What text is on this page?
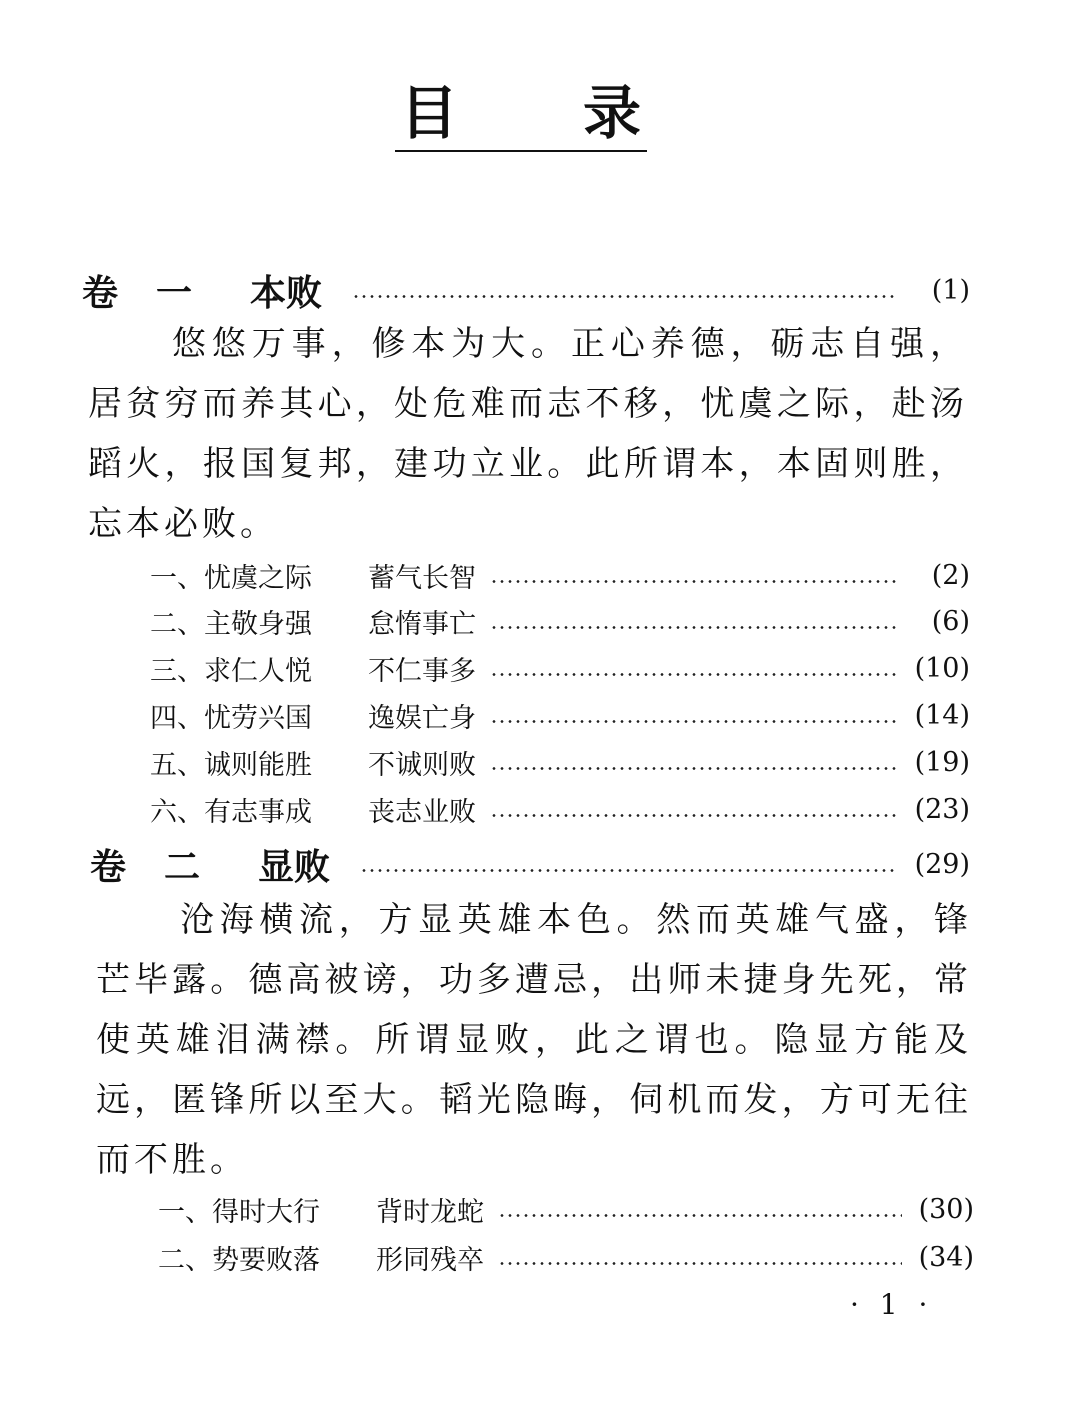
目 录
卷	一	本败	(1)
悠悠万事，修本为大。正心养德，砺志自强，居贫穷而养其心，处危难而志不移，忧虞之际，赴汤蹈火，报国复邦，建功立业。此所谓本，本固则胜，忘本必败。
一、忧虞之际	蓄气长智	(2)
二、主敬身强	怠惰事亡	(6)
三、求仁人悦	不仁事多	(10)
四、忧劳兴国	逸娱亡身	(14)
五、诚则能胜	不诚则败	(19)
六、有志事成	丧志业败	(23)
卷	二	显败	(29)
沧海横流，方显英雄本色。然而英雄气盛，锋芒毕露。德高被谤，功多遭忌，出师未捷身先死，常使英雄泪满襟。所谓显败，此之谓也。隐显方能及远，匿锋所以至大。韬光隐晦，伺机而发，方可无往而不胜。
一、得时大行	背时龙蛇	(30)
二、势要败落	形同残卒	(34)
· 1 ·
